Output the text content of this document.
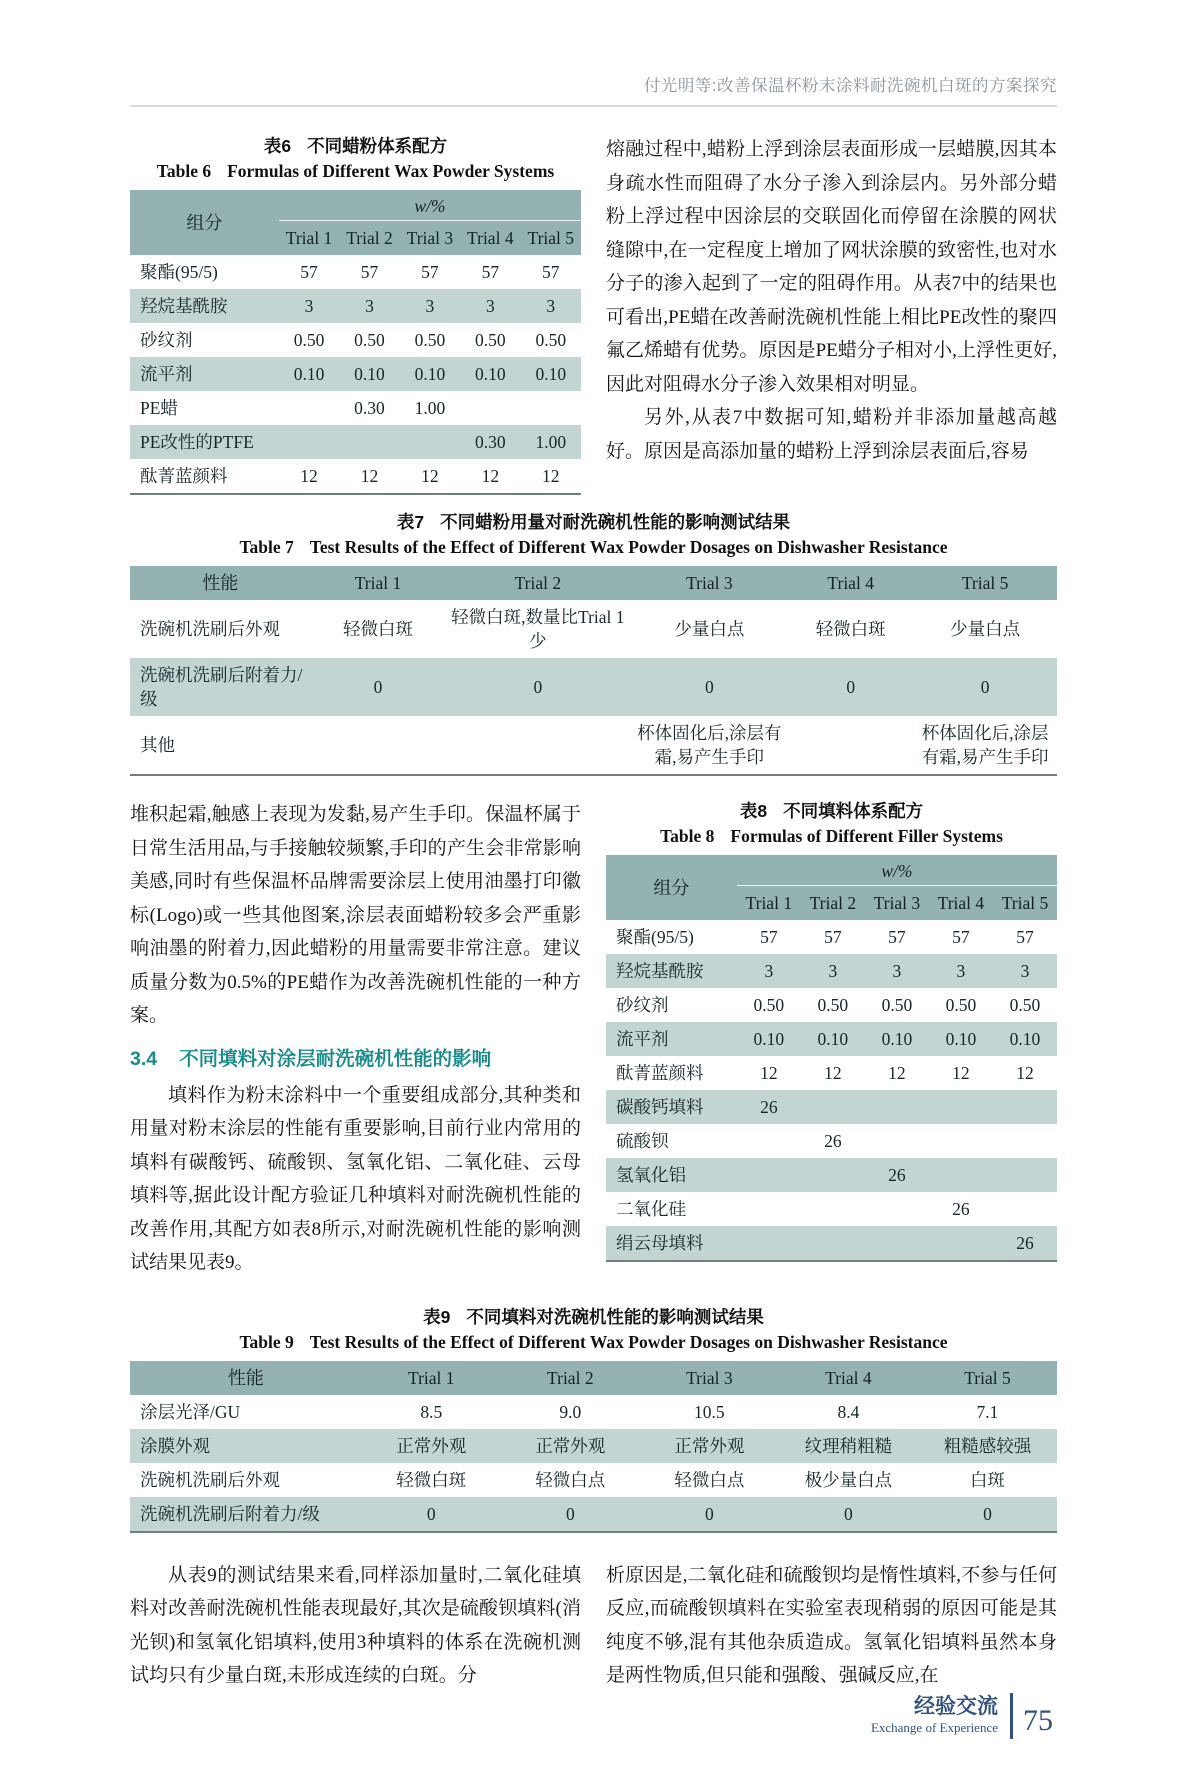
付光明等:改善保温杯粉末涂料耐洗碗机白斑的方案探究
表6 不同蜡粉体系配方
Table 6 Formulas of Different Wax Powder Systems
组分	w/%				
	Trial 1	Trial 2	Trial 3	Trial 4	Trial 5
聚酯(95/5)	57	57	57	57	57
羟烷基酰胺	3	3	3	3	3
砂纹剂	0.50	0.50	0.50	0.50	0.50
流平剂	0.10	0.10	0.10	0.10	0.10
PE蜡		0.30	1.00		
PE改性的PTFE				0.30	1.00
酞菁蓝颜料	12	12	12	12	12

熔融过程中,蜡粉上浮到涂层表面形成一层蜡膜,因其本身疏水性而阻碍了水分子渗入到涂层内。另外部分蜡粉上浮过程中因涂层的交联固化而停留在涂膜的网状缝隙中,在一定程度上增加了网状涂膜的致密性,也对水分子的渗入起到了一定的阻碍作用。从表7中的结果也可看出,PE蜡在改善耐洗碗机性能上相比PE改性的聚四氟乙烯蜡有优势。原因是PE蜡分子相对小,上浮性更好,因此对阻碍水分子渗入效果相对明显。

另外,从表7中数据可知,蜡粉并非添加量越高越好。原因是高添加量的蜡粉上浮到涂层表面后,容易

表7 不同蜡粉用量对耐洗碗机性能的影响测试结果
Table 7 Test Results of the Effect of Different Wax Powder Dosages on Dishwasher Resistance
性能	Trial 1	Trial 2	Trial 3	Trial 4	Trial 5
洗碗机洗刷后外观	轻微白斑	轻微白斑,数量比Trial 1少	少量白点	轻微白斑	少量白点
洗碗机洗刷后附着力/级	0	0	0	0	0
其他			杯体固化后,涂层有霜,易产生手印		杯体固化后,涂层有霜,易产生手印

堆积起霜,触感上表现为发黏,易产生手印。保温杯属于日常生活用品,与手接触较频繁,手印的产生会非常影响美感,同时有些保温杯品牌需要涂层上使用油墨打印徽标(Logo)或一些其他图案,涂层表面蜡粉较多会严重影响油墨的附着力,因此蜡粉的用量需要非常注意。建议质量分数为0.5%的PE蜡作为改善洗碗机性能的一种方案。

3.4 不同填料对涂层耐洗碗机性能的影响

填料作为粉末涂料中一个重要组成部分,其种类和用量对粉末涂层的性能有重要影响,目前行业内常用的填料有碳酸钙、硫酸钡、氢氧化铝、二氧化硅、云母填料等,据此设计配方验证几种填料对耐洗碗机性能的改善作用,其配方如表8所示,对耐洗碗机性能的影响测试结果见表9。

表8 不同填料体系配方
Table 8 Formulas of Different Filler Systems
组分	w/%				
	Trial 1	Trial 2	Trial 3	Trial 4	Trial 5
聚酯(95/5)	57	57	57	57	57
羟烷基酰胺	3	3	3	3	3
砂纹剂	0.50	0.50	0.50	0.50	0.50
流平剂	0.10	0.10	0.10	0.10	0.10
酞菁蓝颜料	12	12	12	12	12
碳酸钙填料	26				
硫酸钡		26			
氢氧化铝			26		
二氧化硅				26	
绢云母填料					26
表9 不同填料对洗碗机性能的影响测试结果
Table 9 Test Results of the Effect of Different Wax Powder Dosages on Dishwasher Resistance
性能	Trial 1	Trial 2	Trial 3	Trial 4	Trial 5
涂层光泽/GU	8.5	9.0	10.5	8.4	7.1
涂膜外观	正常外观	正常外观	正常外观	纹理稍粗糙	粗糙感较强
洗碗机洗刷后外观	轻微白斑	轻微白点	轻微白点	极少量白点	白斑
洗碗机洗刷后附着力/级	0	0	0	0	0

从表9的测试结果来看,同样添加量时,二氧化硅填料对改善耐洗碗机性能表现最好,其次是硫酸钡填料(消光钡)和氢氧化铝填料,使用3种填料的体系在洗碗机测试均只有少量白斑,未形成连续的白斑。分

析原因是,二氧化硅和硫酸钡均是惰性填料,不参与任何反应,而硫酸钡填料在实验室表现稍弱的原因可能是其纯度不够,混有其他杂质造成。氢氧化铝填料虽然本身是两性物质,但只能和强酸、强碱反应,在

经验交流
Exchange of Experience 75
